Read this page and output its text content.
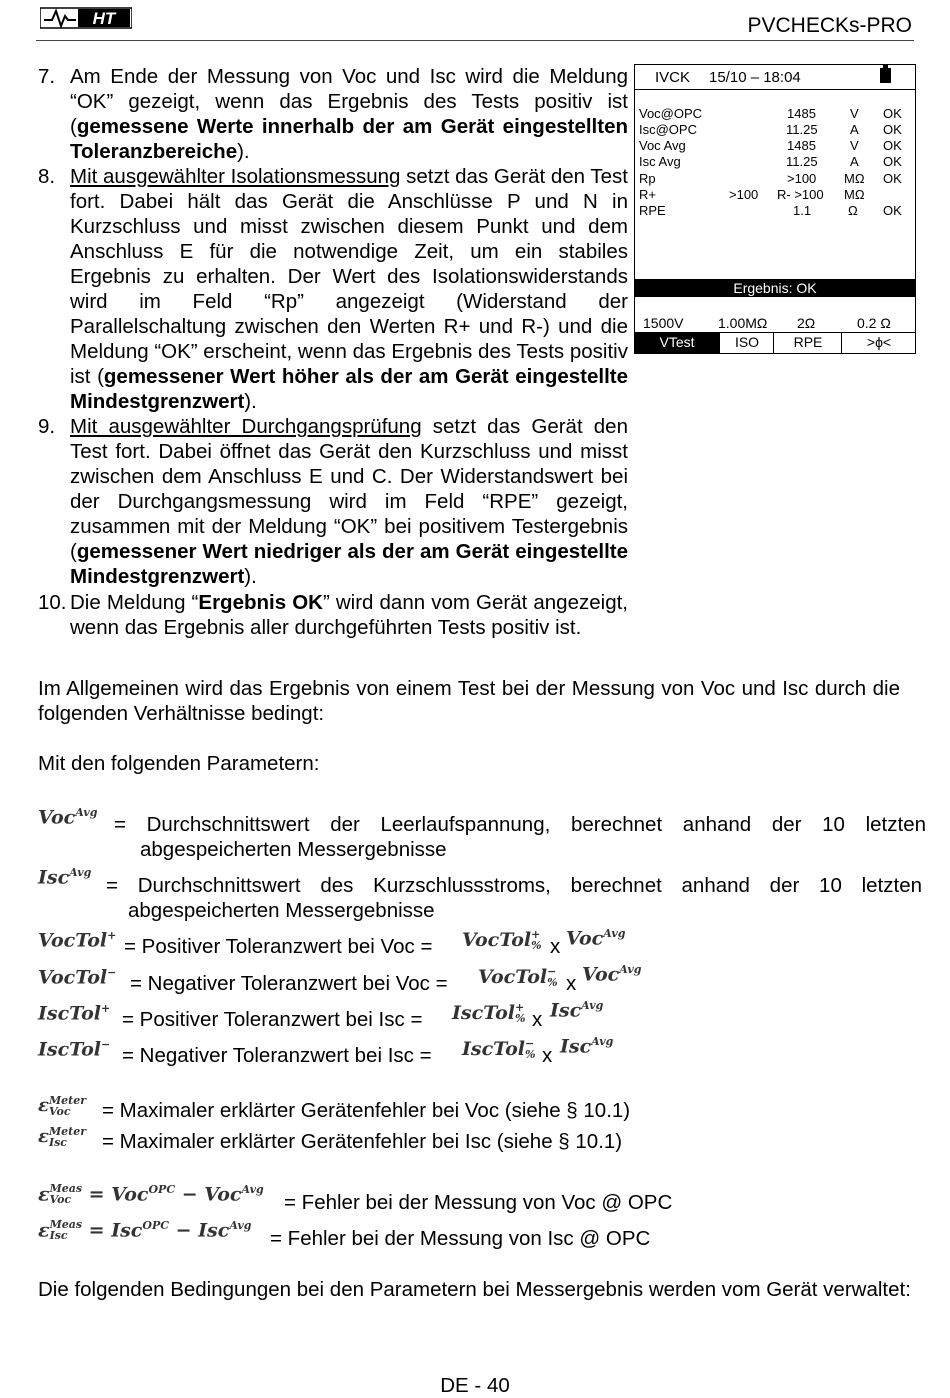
HT	PVCHECKs-PRO
7. Am Ende der Messung von Voc und Isc wird die Meldung “OK” gezeigt, wenn das Ergebnis des Tests positiv ist (gemessene Werte innerhalb der am Gerät eingestellten Toleranzbereiche).
8. Mit ausgewählter Isolationsmessung setzt das Gerät den Test fort. Dabei hält das Gerät die Anschlüsse P und N in Kurzschluss und misst zwischen diesem Punkt und dem Anschluss E für die notwendige Zeit, um ein stabiles Ergebnis zu erhalten. Der Wert des Isolationswiderstands wird im Feld “Rp” angezeigt (Widerstand der Parallelschaltung zwischen den Werten R+ und R-) und die Meldung “OK” erscheint, wenn das Ergebnis des Tests positiv ist (gemessener Wert höher als der am Gerät eingestellte Mindestgrenzwert).
9. Mit ausgewählter Durchgangsprüfung setzt das Gerät den Test fort. Dabei öffnet das Gerät den Kurzschluss und misst zwischen dem Anschluss E und C. Der Widerstandswert bei der Durchgangsmessung wird im Feld “RPE” gezeigt, zusammen mit der Meldung “OK” bei positivem Testergebnis (gemessener Wert niedriger als der am Gerät eingestellte Mindestgrenzwert).
10. Die Meldung “Ergebnis OK” wird dann vom Gerät angezeigt, wenn das Ergebnis aller durchgeführten Tests positiv ist.
IVCK 15/10 – 18:04
Voc@OPC	1485	V OK
Isc@OPC	11.25 A OK
Voc Avg	1485	V OK
Isc Avg	11.25 A OK
Rp	>100 MΩ OK
R+	>100 R- >100 MΩ
RPE	1.1	Ω OK
Ergebnis: OK
1500V 1.00MΩ 2Ω	0.2 Ω
VTest	ISO	RPE	>ϕ<
Im Allgemeinen wird das Ergebnis von einem Test bei der Messung von Voc und Isc durch die folgenden Verhältnisse bedingt:
Mit den folgenden Parametern:
Voc$^{Avg}$
= Durchschnittswert der Leerlaufspannung, berechnet anhand der 10 letzten abgespeicherten Messergebnisse
Isc$^{Avg}$
= Durchschnittswert des Kurzschlussstroms, berechnet anhand der 10 letzten abgespeicherten Messergebnisse
VocTol+ = Positiver Toleranzwert bei Voc = VocTol+
% x Voc$^{Avg}$
VocTol− = Negativer Toleranzwert bei Voc = VocTol−
% x Voc$^{Avg}$
IscTol+ = Positiver Toleranzwert bei Isc = IscTol+
% x Isc$^{Avg}$
IscTol− = Negativer Toleranzwert bei Isc = IscTol−
% x Isc$^{Avg}$
εMeter
Voc	= Maximaler erklärter Gerätenfehler bei Voc (siehe § 10.1)
εMeter
Isc	= Maximaler erklärter Gerätenfehler bei Isc (siehe § 10.1)
εMeas
Voc = Voc$^{OPC}$ − Voc$^{Avg}$
= Fehler bei der Messung von Voc @ OPC
εMeas
Isc = Isc$^{OPC}$ − Isc$^{Avg}$
= Fehler bei der Messung von Isc @ OPC
Die folgenden Bedingungen bei den Parametern bei Messergebnis werden vom Gerät verwaltet:
DE - 40
